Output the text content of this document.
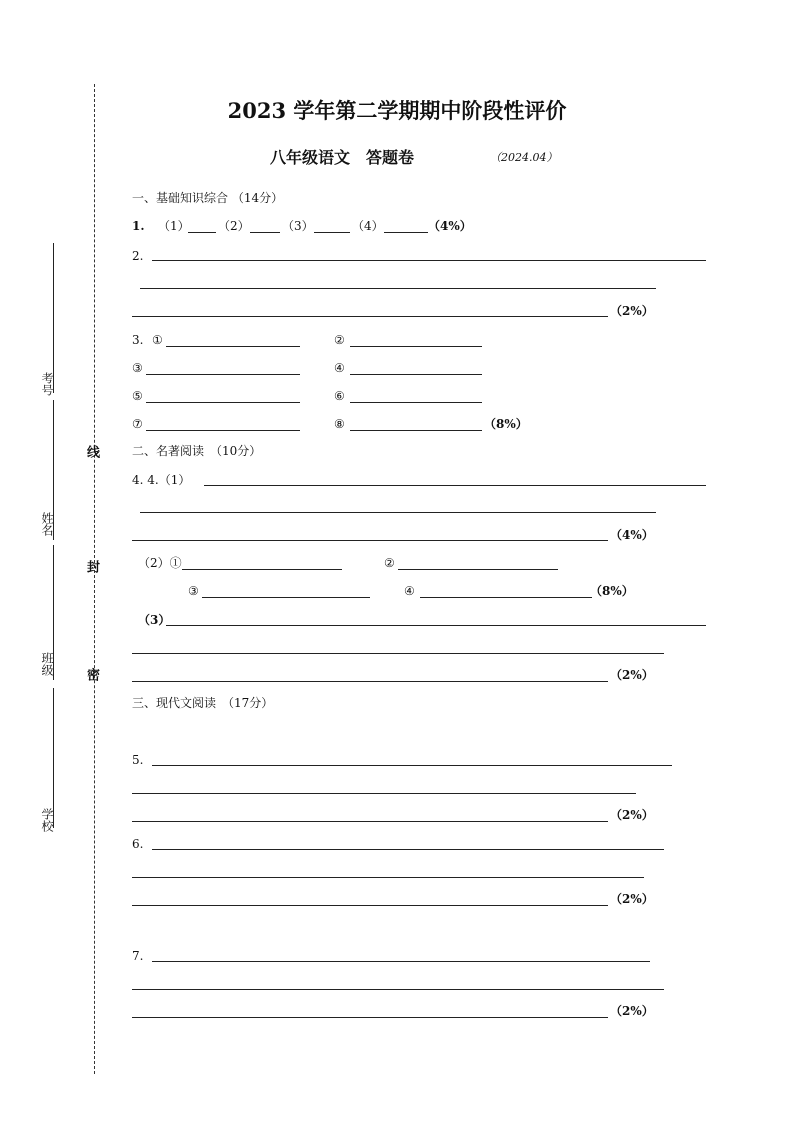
线
封
密
考号
姓名
班级
学校
2023 学年第二学期期中阶段性评价
八年级语文　答题卷	（2024.04）
一、基础知识综合 （14分）
1. （1） （2）	（3）	（4）	（4%）
2.
（2%）
3. ①	②
③	④
⑤	⑥
⑦	⑧	（8%）
二、名著阅读　（10分）
4. 4.（1）
（4%）
（2）①	②
③	④	（8%）
（3）
（2%）
三、现代文阅读　（17分）
5.
（2%）
6.
（2%）
7.
（2%）
